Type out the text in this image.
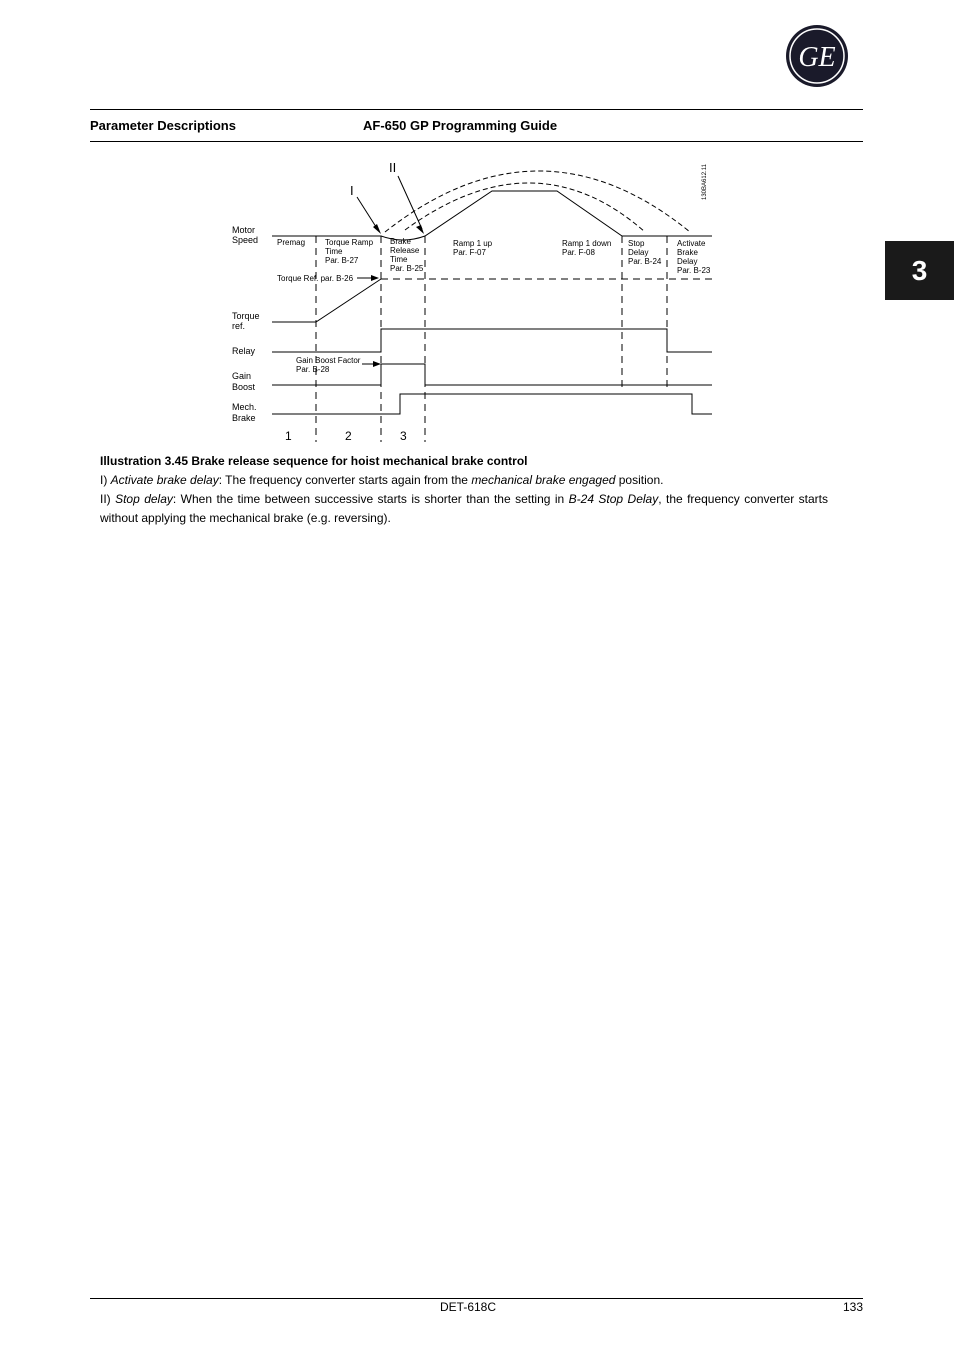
GE
Parameter Descriptions	AF-650 GP Programming Guide
3
I
II	130BA612.11
Motor
Speed
Torque
ref.
Relay
Gain
Boost
Mech.
Brake
Premag Torque Ramp
Time
Par. B-27
Brake
Release
Time
Par. B-25
Ramp 1 up
Par. F-07
Ramp 1 down
Par. F-08
Stop
Delay
Par. B-24
Activate
Brake
Delay
Par. B-23
Torque Ref. par. B-26
Gain Boost Factor
Par. B-28
1	2	3

Illustration 3.45 Brake release sequence for hoist mechanical brake control

I) Activate brake delay: The frequency converter starts again from the mechanical brake engaged position.

II) Stop delay: When the time between successive starts is shorter than the setting in B-24 Stop Delay, the frequency converter starts without applying the mechanical brake (e.g. reversing).

DET-618C	133
